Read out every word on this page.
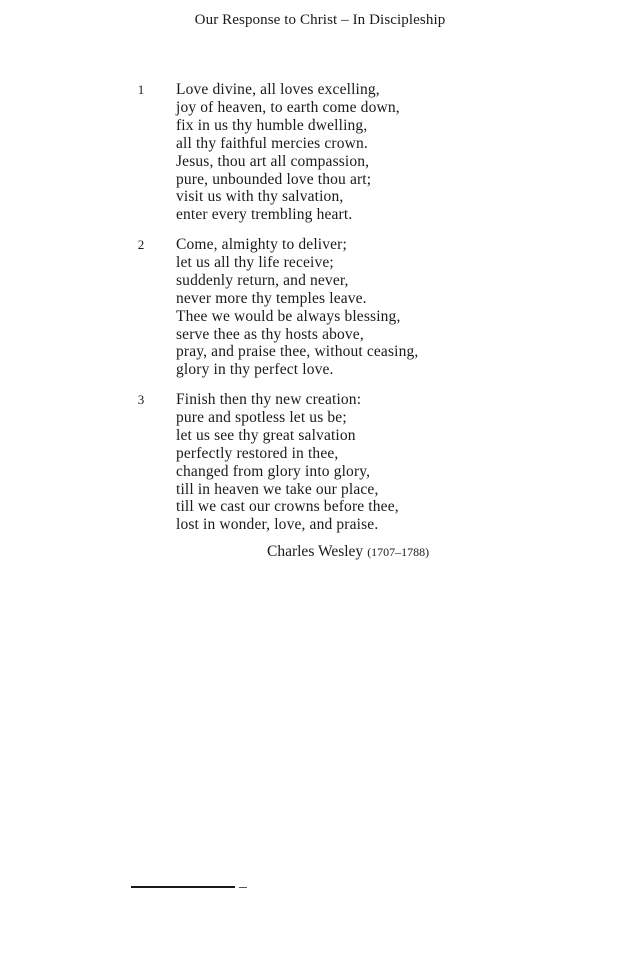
Our Response to Christ – In Discipleship
1 Love divine, all loves excelling,
joy of heaven, to earth come down,
fix in us thy humble dwelling,
all thy faithful mercies crown.
Jesus, thou art all compassion,
pure, unbounded love thou art;
visit us with thy salvation,
enter every trembling heart.
2 Come, almighty to deliver;
let us all thy life receive;
suddenly return, and never,
never more thy temples leave.
Thee we would be always blessing,
serve thee as thy hosts above,
pray, and praise thee, without ceasing,
glory in thy perfect love.
3 Finish then thy new creation:
pure and spotless let us be;
let us see thy great salvation
perfectly restored in thee,
changed from glory into glory,
till in heaven we take our place,
till we cast our crowns before thee,
lost in wonder, love, and praise.
Charles Wesley (1707–1788)
